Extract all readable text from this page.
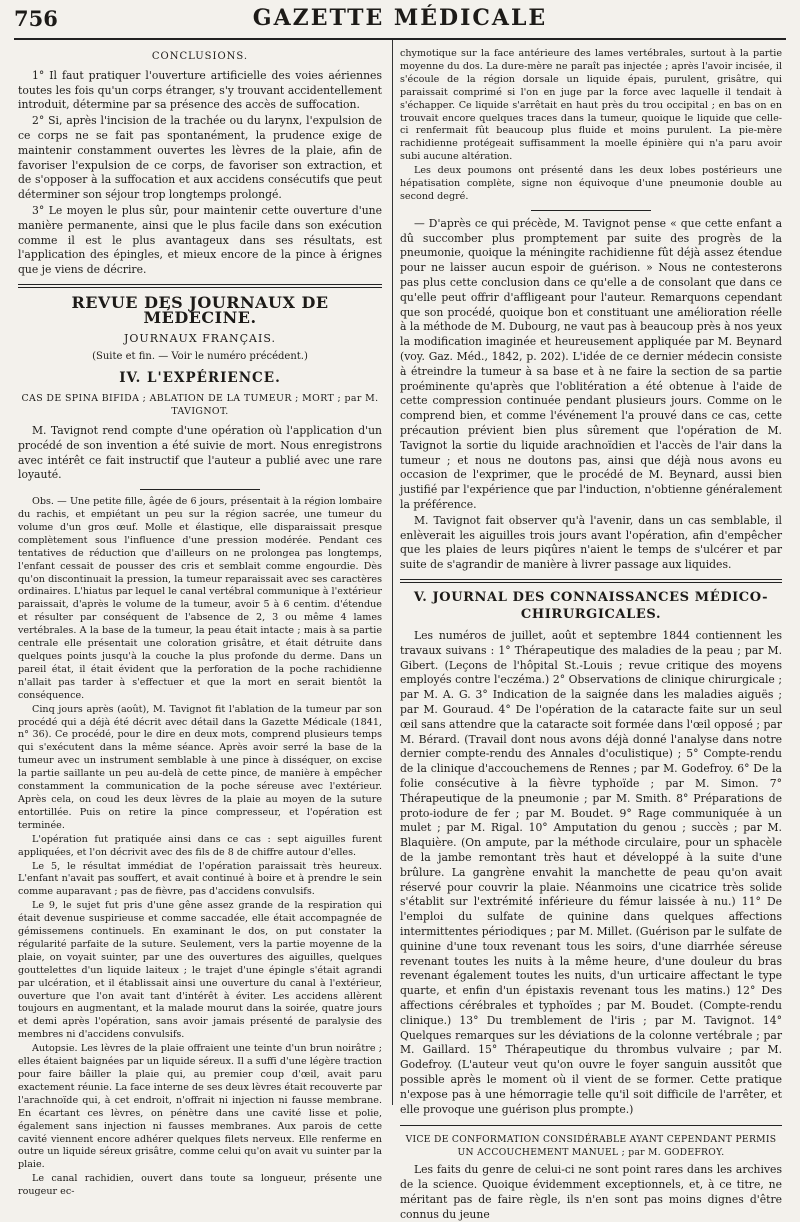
756	GAZETTE MÉDICALE
CONCLUSIONS.

1° Il faut pratiquer l'ouverture artificielle des voies aériennes toutes les fois qu'un corps étranger, s'y trouvant accidentellement introduit, détermine par sa présence des accès de suffocation.

2° Si, après l'incision de la trachée ou du larynx, l'expulsion de ce corps ne se fait pas spontanément, la prudence exige de maintenir constamment ouvertes les lèvres de la plaie, afin de favoriser l'expulsion de ce corps, de favoriser son extraction, et de s'opposer à la suffocation et aux accidens consécutifs que peut déterminer son séjour trop longtemps prolongé.

3° Le moyen le plus sûr, pour maintenir cette ouverture d'une manière permanente, ainsi que le plus facile dans son exécution comme il est le plus avantageux dans ses résultats, est l'application des épingles, et mieux encore de la pince à érignes que je viens de décrire.

REVUE DES JOURNAUX DE MÉDECINE.
JOURNAUX FRANÇAIS.
(Suite et fin. — Voir le numéro précédent.)
IV. L'EXPÉRIENCE.
CAS DE SPINA BIFIDA ; ABLATION DE LA TUMEUR ; MORT ; par M. TAVIGNOT.

M. Tavignot rend compte d'une opération où l'application d'un procédé de son invention a été suivie de mort. Nous enregistrons avec intérêt ce fait instructif que l'auteur a publié avec une rare loyauté.

Obs. — Une petite fille, âgée de 6 jours, présentait à la région lombaire du rachis, et empiétant un peu sur la région sacrée, une tumeur du volume d'un gros œuf. Molle et élastique, elle disparaissait presque complètement sous l'influence d'une pression modérée. Pendant ces tentatives de réduction que d'ailleurs on ne prolongea pas longtemps, l'enfant cessait de pousser des cris et semblait comme engourdie. Dès qu'on discontinuait la pression, la tumeur reparaissait avec ses caractères ordinaires. L'hiatus par lequel le canal vertébral communique à l'extérieur paraissait, d'après le volume de la tumeur, avoir 5 à 6 centim. d'étendue et résulter par conséquent de l'absence de 2, 3 ou même 4 lames vertébrales. A la base de la tumeur, la peau était intacte ; mais à sa partie centrale elle présentait une coloration grisâtre, et était détruite dans quelques points jusqu'à la couche la plus profonde du derme. Dans un pareil état, il était évident que la perforation de la poche rachidienne n'allait pas tarder à s'effectuer et que la mort en serait bientôt la conséquence.

Cinq jours après (août), M. Tavignot fit l'ablation de la tumeur par son procédé qui a déjà été décrit avec détail dans la Gazette Médicale (1841, n° 36). Ce procédé, pour le dire en deux mots, comprend plusieurs temps qui s'exécutent dans la même séance. Après avoir serré la base de la tumeur avec un instrument semblable à une pince à disséquer, on excise la partie saillante un peu au-delà de cette pince, de manière à empêcher constamment la communication de la poche séreuse avec l'extérieur. Après cela, on coud les deux lèvres de la plaie au moyen de la suture entortillée. Puis on retire la pince compresseur, et l'opération est terminée.

L'opération fut pratiquée ainsi dans ce cas : sept aiguilles furent appliquées, et l'on décrivit avec des fils de 8 de chiffre autour d'elles.

Le 5, le résultat immédiat de l'opération paraissait très heureux. L'enfant n'avait pas souffert, et avait continué à boire et à prendre le sein comme auparavant ; pas de fièvre, pas d'accidens convulsifs.

Le 9, le sujet fut pris d'une gêne assez grande de la respiration qui était devenue suspirieuse et comme saccadée, elle était accompagnée de gémissemens continuels. En examinant le dos, on put constater la régularité parfaite de la suture. Seulement, vers la partie moyenne de la plaie, on voyait suinter, par une des ouvertures des aiguilles, quelques gouttelettes d'un liquide laiteux ; le trajet d'une épingle s'était agrandi par ulcération, et il établissait ainsi une ouverture du canal à l'extérieur, ouverture que l'on avait tant d'intérêt à éviter. Les accidens allèrent toujours en augmentant, et la malade mourut dans la soirée, quatre jours et demi après l'opération, sans avoir jamais présenté de paralysie des membres ni d'accidens convulsifs.

Autopsie. Les lèvres de la plaie offraient une teinte d'un brun noirâtre ; elles étaient baignées par un liquide séreux. Il a suffi d'une légère traction pour faire bâiller la plaie qui, au premier coup d'œil, avait paru exactement réunie. La face interne de ses deux lèvres était recouverte par l'arachnoïde qui, à cet endroit, n'offrait ni injection ni fausse membrane. En écartant ces lèvres, on pénètre dans une cavité lisse et polie, également sans injection ni fausses membranes. Aux parois de cette cavité viennent encore adhérer quelques filets nerveux. Elle renferme en outre un liquide séreux grisâtre, comme celui qu'on avait vu suinter par la plaie.

Le canal rachidien, ouvert dans toute sa longueur, présente une rougeur ec-

chymotique sur la face antérieure des lames vertébrales, surtout à la partie moyenne du dos. La dure-mère ne paraît pas injectée ; après l'avoir incisée, il s'écoule de la région dorsale un liquide épais, purulent, grisâtre, qui paraissait comprimé si l'on en juge par la force avec laquelle il tendait à s'échapper. Ce liquide s'arrêtait en haut près du trou occipital ; en bas on en trouvait encore quelques traces dans la tumeur, quoique le liquide que celle-ci renfermait fût beaucoup plus fluide et moins purulent. La pie-mère rachidienne protégeait suffisamment la moelle épinière qui n'a paru avoir subi aucune altération.

Les deux poumons ont présenté dans les deux lobes postérieurs une hépatisation complète, signe non équivoque d'une pneumonie double au second degré.

— D'après ce qui précède, M. Tavignot pense « que cette enfant a dû succomber plus promptement par suite des progrès de la pneumonie, quoique la méningite rachidienne fût déjà assez étendue pour ne laisser aucun espoir de guérison. » Nous ne contesterons pas plus cette conclusion dans ce qu'elle a de consolant que dans ce qu'elle peut offrir d'affligeant pour l'auteur. Remarquons cependant que son procédé, quoique bon et constituant une amélioration réelle à la méthode de M. Dubourg, ne vaut pas à beaucoup près à nos yeux la modification imaginée et heureusement appliquée par M. Beynard (voy. Gaz. Méd., 1842, p. 202). L'idée de ce dernier médecin consiste à étreindre la tumeur à sa base et à ne faire la section de sa partie proéminente qu'après que l'oblitération a été obtenue à l'aide de cette compression continuée pendant plusieurs jours. Comme on le comprend bien, et comme l'événement l'a prouvé dans ce cas, cette précaution prévient bien plus sûrement que l'opération de M. Tavignot la sortie du liquide arachnoïdien et l'accès de l'air dans la tumeur ; et nous ne doutons pas, ainsi que déjà nous avons eu occasion de l'exprimer, que le procédé de M. Beynard, aussi bien justifié par l'expérience que par l'induction, n'obtienne généralement la préférence.

M. Tavignot fait observer qu'à l'avenir, dans un cas semblable, il enlèverait les aiguilles trois jours avant l'opération, afin d'empêcher que les plaies de leurs piqûres n'aient le temps de s'ulcérer et par suite de s'agrandir de manière à livrer passage aux liquides.

V. JOURNAL DES CONNAISSANCES MÉDICO-CHIRURGICALES.

Les numéros de juillet, août et septembre 1844 contiennent les travaux suivans : 1° Thérapeutique des maladies de la peau ; par M. Gibert. (Leçons de l'hôpital St.-Louis ; revue critique des moyens employés contre l'eczéma.) 2° Observations de clinique chirurgicale ; par M. A. G. 3° Indication de la saignée dans les maladies aiguës ; par M. Gouraud. 4° De l'opération de la cataracte faite sur un seul œil sans attendre que la cataracte soit formée dans l'œil opposé ; par M. Bérard. (Travail dont nous avons déjà donné l'analyse dans notre dernier compte-rendu des Annales d'oculistique) ; 5° Compte-rendu de la clinique d'accouchemens de Rennes ; par M. Godefroy. 6° De la folie consécutive à la fièvre typhoïde ; par M. Simon. 7° Thérapeutique de la pneumonie ; par M. Smith. 8° Préparations de proto-iodure de fer ; par M. Boudet. 9° Rage communiquée à un mulet ; par M. Rigal. 10° Amputation du genou ; succès ; par M. Blaquière. (On ampute, par la méthode circulaire, pour un sphacèle de la jambe remontant très haut et développé à la suite d'une brûlure. La gangrène envahit la manchette de peau qu'on avait réservé pour couvrir la plaie. Néanmoins une cicatrice très solide s'établit sur l'extrémité inférieure du fémur laissée à nu.) 11° De l'emploi du sulfate de quinine dans quelques affections intermittentes périodiques ; par M. Millet. (Guérison par le sulfate de quinine d'une toux revenant tous les soirs, d'une diarrhée séreuse revenant toutes les nuits à la même heure, d'une douleur du bras revenant également toutes les nuits, d'un urticaire affectant le type quarte, et enfin d'un épistaxis revenant tous les matins.) 12° Des affections cérébrales et typhoïdes ; par M. Boudet. (Compte-rendu clinique.) 13° Du tremblement de l'iris ; par M. Tavignot. 14° Quelques remarques sur les déviations de la colonne vertébrale ; par M. Gaillard. 15° Thérapeutique du thrombus vulvaire ; par M. Godefroy. (L'auteur veut qu'on ouvre le foyer sanguin aussitôt que possible après le moment où il vient de se former. Cette pratique n'expose pas à une hémorragie telle qu'il soit difficile de l'arrêter, et elle provoque une guérison plus prompte.)

VICE DE CONFORMATION CONSIDÉRABLE AYANT CEPENDANT PERMIS UN ACCOUCHEMENT MANUEL ; par M. GODEFROY.

Les faits du genre de celui-ci ne sont point rares dans les archives de la science. Quoique évidemment exceptionnels, et, à ce titre, ne méritant pas de faire règle, ils n'en sont pas moins dignes d'être connus du jeune
